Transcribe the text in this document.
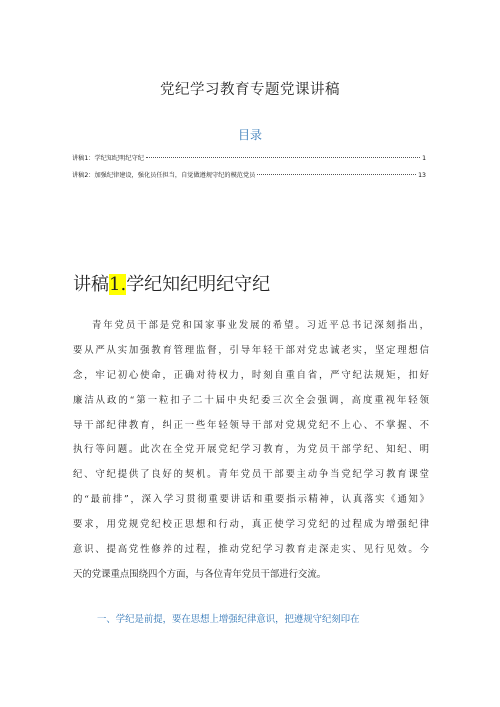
党纪学习教育专题党课讲稿
目录
讲稿1：学纪知纪明纪守纪	1
讲稿2：加强纪律建设，强化员任担当，自觉做遵规守纪的模范党员	13
讲稿1.学纪知纪明纪守纪
青年党员干部是党和国家事业发展的希望。习近平总书记深刻指出，
要从严从实加强教育管理监督，引导年轻干部对党忠诚老实，坚定理想信
念，牢记初心使命，正确对待权力，时刻自重自省，严守纪法规矩，扣好
廉洁从政的“第一粒扣子二十届中央纪委三次全会强调，高度重视年轻领
导干部纪律教育，纠正一些年轻领导干部对党规党纪不上心、不掌握、不
执行等问题。此次在全党开展党纪学习教育，为党员干部学纪、知纪、明
纪、守纪提供了良好的契机。青年党员干部要主动争当党纪学习教育课堂
的“最前排”，深入学习贯彻重要讲话和重要指示精神，认真落实《通知》
要求，用党规党纪校正思想和行动，真正使学习党纪的过程成为增强纪律
意识、提高党性修养的过程，推动党纪学习教育走深走实、见行见效。今
天的党课重点围绕四个方面，与各位青年党员干部进行交流。
一、学纪是前提，要在思想上增强纪律意识，把遵规守纪刻印在
